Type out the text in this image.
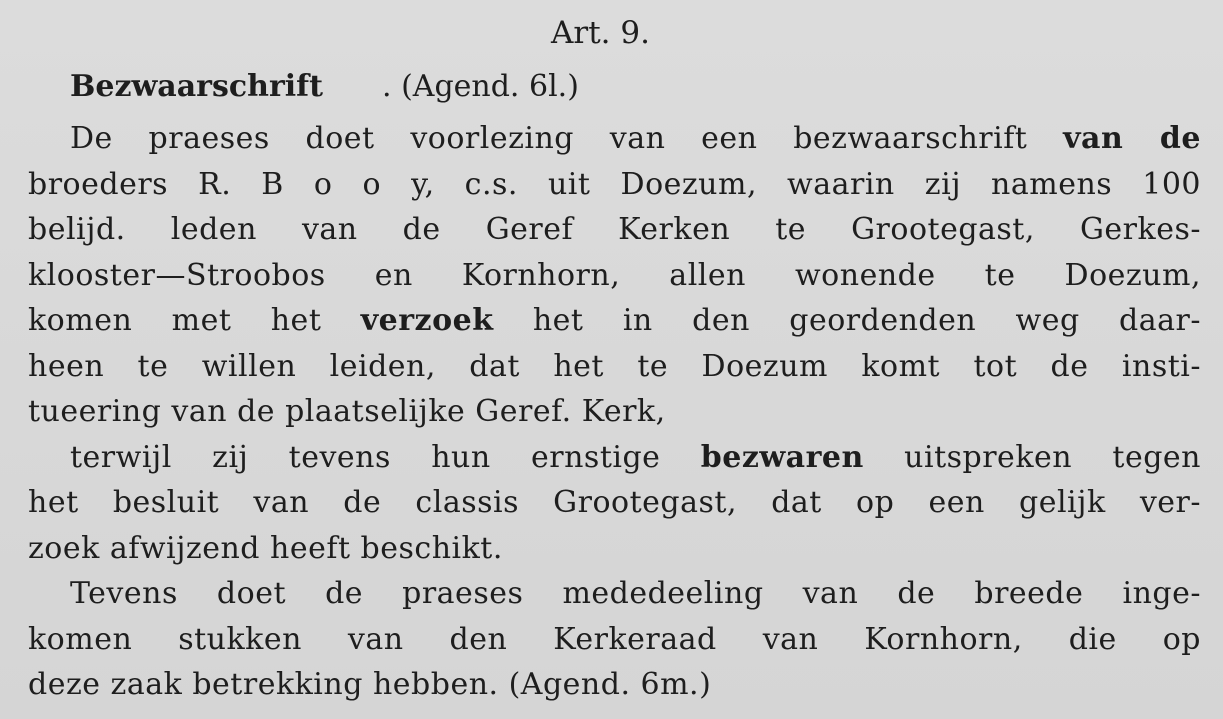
Art. 9.
Bezwaarschrift . (Agend. 6l.)
De praeses doet voorlezing van een bezwaarschrift van de
broeders R. B o o y, c.s. uit Doezum, waarin zij namens 100
belijd. leden van de Geref Kerken te Grootegast, Gerkes-
klooster—Stroobos en Kornhorn, allen wonende te Doezum,
komen met het verzoek het in den geordenden weg daar-
heen te willen leiden, dat het te Doezum komt tot de insti-
tueering van de plaatselijke Geref. Kerk,
terwijl zij tevens hun ernstige bezwaren uitspreken tegen
het besluit van de classis Grootegast, dat op een gelijk ver-
zoek afwijzend heeft beschikt.
Tevens doet de praeses mededeeling van de breede inge-
komen stukken van den Kerkeraad van Kornhorn, die op
deze zaak betrekking hebben. (Agend. 6m.)
